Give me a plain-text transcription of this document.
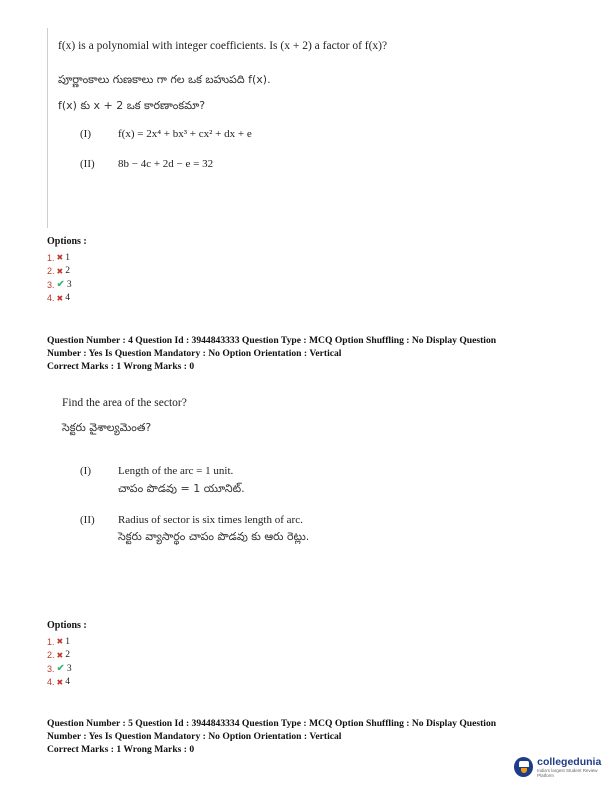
f(x) is a polynomial with integer coefficients. Is (x + 2) a factor of f(x)?
పూర్ణాంకాలు గుణకాలు గా గల ఒక బహుపది f(x).
f(x) కు x + 2 ఒక కారణాంకమా?
(I) f(x) = 2x⁴ + bx³ + cx² + dx + e
(II) 8b − 4c + 2d − e = 32
Options :
1. ✖ 1
2. ✖ 2
3. ✔ 3
4. ✖ 4
Question Number : 4 Question Id : 3944843333 Question Type : MCQ Option Shuffling : No Display Question
Number : Yes Is Question Mandatory : No Option Orientation : Vertical
Correct Marks : 1 Wrong Marks : 0
Find the area of the sector?
సెక్టరు వైశాల్యమెంత?
(I) Length of the arc = 1 unit.
చాపం పొడవు = 1 యూనిట్.
(II) Radius of sector is six times length of arc.
సెక్టరు వ్యాసార్థం చాపం పొడవు కు ఆరు రెట్లు.
Options :
1. ✖ 1
2. ✖ 2
3. ✔ 3
4. ✖ 4
Question Number : 5 Question Id : 3944843334 Question Type : MCQ Option Shuffling : No Display Question
Number : Yes Is Question Mandatory : No Option Orientation : Vertical
Correct Marks : 1 Wrong Marks : 0
collegedunia
India's largest Student Review Platform
